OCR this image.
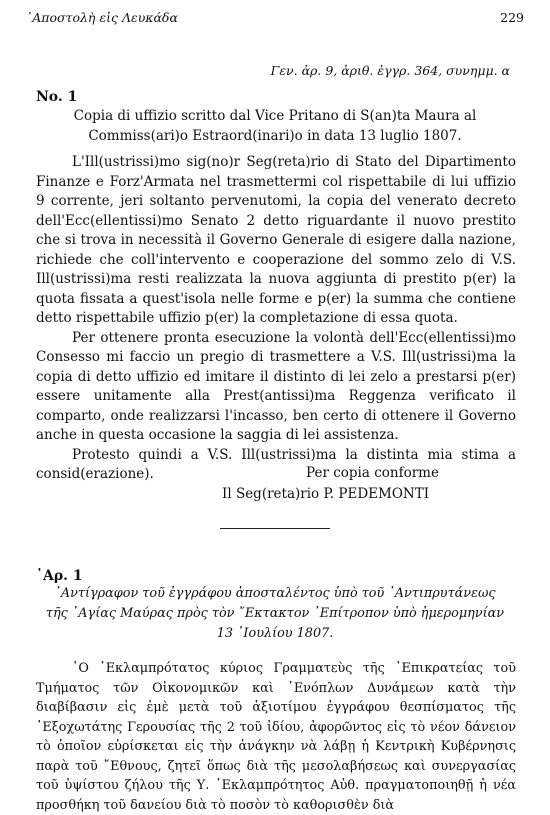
᾿Αποστολὴ εἰς Λευκάδα	229
Γεν. ἀρ. 9, ἀριθ. ἐγγρ. 364, συνημμ. α
No. 1
Copia di uffizio scritto dal Vice Pritano di S(an)ta Maura al
Commiss(ari)o Estraord(inari)o in data 13 luglio 1807.

L'Ill(ustrissi)mo sig(no)r Seg(reta)rio di Stato del Dipartimento Finanze e Forz'Armata nel trasmettermi col rispettabile di lui uffizio 9 corrente, jeri soltanto pervenutomi, la copia del venerato decreto dell'Ecc(ellentissi)mo Senato 2 detto riguardante il nuovo prestito che si trova in necessità il Governo Generale di esigere dalla nazione, richiede che coll'intervento e cooperazione del sommo zelo di V.S. Ill(ustrissi)ma resti realizzata la nuova aggiunta di prestito p(er) la quota fissata a quest'isola nelle forme e p(er) la summa che contiene detto rispettabile uffizio p(er) la completazione di essa quota.

Per ottenere pronta esecuzione la volontà dell'Ecc(ellentissi)mo Consesso mi faccio un pregio di trasmettere a V.S. Ill(ustrissi)ma la copia di detto uffizio ed imitare il distinto di lei zelo a prestarsi p(er) essere unitamente alla Prest(antissi)ma Reggenza verificato il comparto, onde realizzarsi l'incasso, ben certo di ottenere il Governo anche in questa occasione la saggia di lei assistenza.

Protesto quindi a V.S. Ill(ustrissi)ma la distinta mia stima a consid(erazione).	Per copia conforme
Il Seg(reta)rio P. PEDEMONTI
᾿Αρ. 1
᾿Αντίγραφον τοῦ ἐγγράφου ἀποσταλέντος ὑπὸ τοῦ ᾿Αντιπρυτάνεως
τῆς ῾Αγίας Μαύρας πρὸς τὸν ῎Εκτακτον ᾿Επίτροπον ὑπὸ ἡμερομηνίαν
13 ᾿Ιουλίου 1807.

῾Ο ᾿Εκλαμπρότατος κύριος Γραμματεὺς τῆς ᾿Επικρατείας τοῦ Τμήματος τῶν Οἰκονομικῶν καὶ ᾿Ενόπλων Δυνάμεων κατὰ τὴν διαβίβασιν εἰς ἐμὲ μετὰ τοῦ ἀξιοτίμου ἐγγράφου θεσπίσματος τῆς ᾿Εξοχωτάτης Γερουσίας τῆς 2 τοῦ ἰδίου, ἀφορῶντος εἰς τὸ νέον δάνειον τὸ ὁποῖον εὑρίσκεται εἰς τὴν ἀνάγκην νὰ λάβῃ ἡ Κεντρικὴ Κυβέρνησις παρὰ τοῦ ῎Εθνους, ζητεῖ ὅπως διὰ τῆς μεσολαβήσεως καὶ συνεργασίας τοῦ ὑψίστου ζήλου τῆς Υ. ᾿Εκλαμπρότητος Αὐθ. πραγματοποιηθῇ ἡ νέα προσθήκη τοῦ δανείου διὰ τὸ ποσὸν τὸ καθορισθὲν διὰ
